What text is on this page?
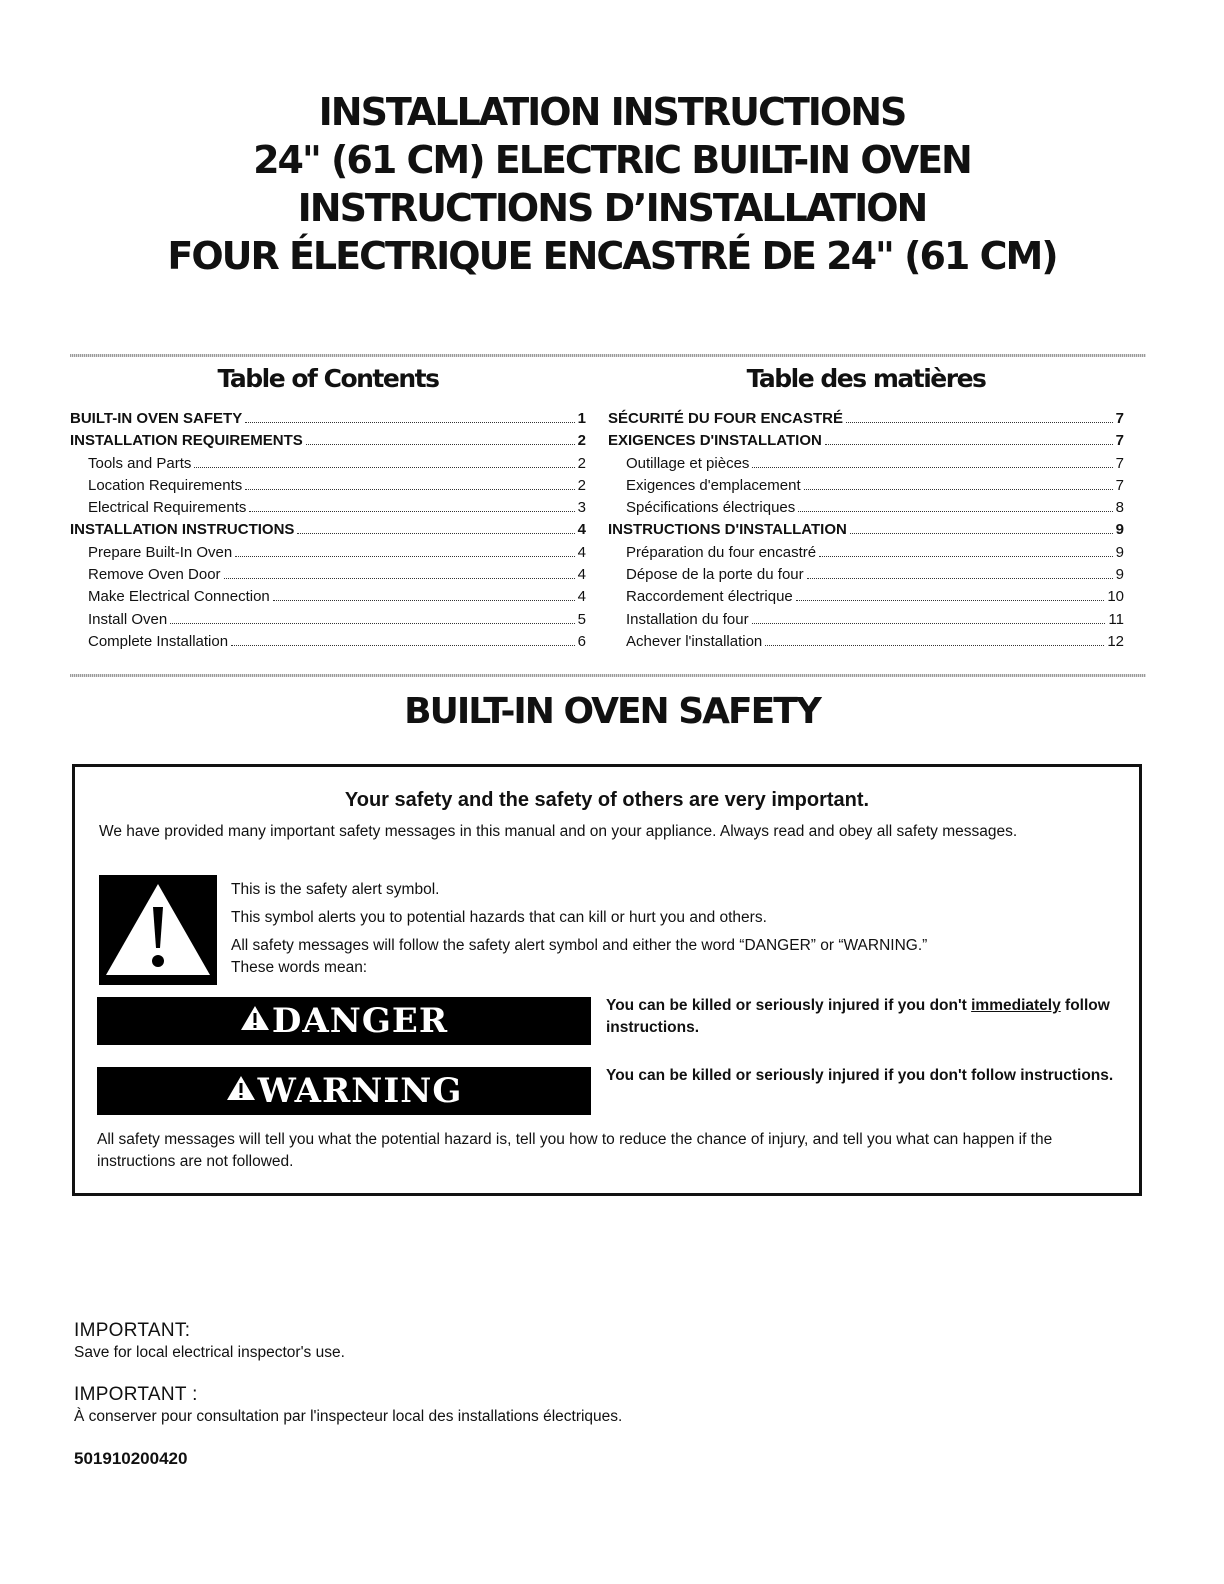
INSTALLATION INSTRUCTIONS

24" (61 CM) ELECTRIC BUILT-IN OVEN

INSTRUCTIONS D’INSTALLATION

FOUR ÉLECTRIQUE ENCASTRÉ DE 24" (61 CM)

Table of Contents
BUILT-IN OVEN SAFETY	1
INSTALLATION REQUIREMENTS	2
Tools and Parts	2
Location Requirements	2
Electrical Requirements	3
INSTALLATION INSTRUCTIONS	4
Prepare Built-In Oven	4
Remove Oven Door	4
Make Electrical Connection	4
Install Oven	5
Complete Installation	6
Table des matières
SÉCURITÉ DU FOUR ENCASTRÉ	7
EXIGENCES D'INSTALLATION	7
Outillage et pièces	7
Exigences d'emplacement	7
Spécifications électriques	8
INSTRUCTIONS D'INSTALLATION	9
Préparation du four encastré	9
Dépose de la porte du four	9
Raccordement électrique	10
Installation du four	11
Achever l'installation	12
BUILT-IN OVEN SAFETY
Your safety and the safety of others are very important.

We have provided many important safety messages in this manual and on your appliance. Always read and obey all safety messages.

This is the safety alert symbol.

This symbol alerts you to potential hazards that can kill or hurt you and others.

All safety messages will follow the safety alert symbol and either the word “DANGER” or “WARNING.”

These words mean:

DANGER	You can be killed or seriously injured if you don't immediately follow instructions.

WARNING	You can be killed or seriously injured if you don't follow instructions.

All safety messages will tell you what the potential hazard is, tell you how to reduce the chance of injury, and tell you what can happen if the instructions are not followed.

IMPORTANT:
Save for local electrical inspector's use.
IMPORTANT :
À conserver pour consultation par l'inspecteur local des installations électriques.

501910200420
